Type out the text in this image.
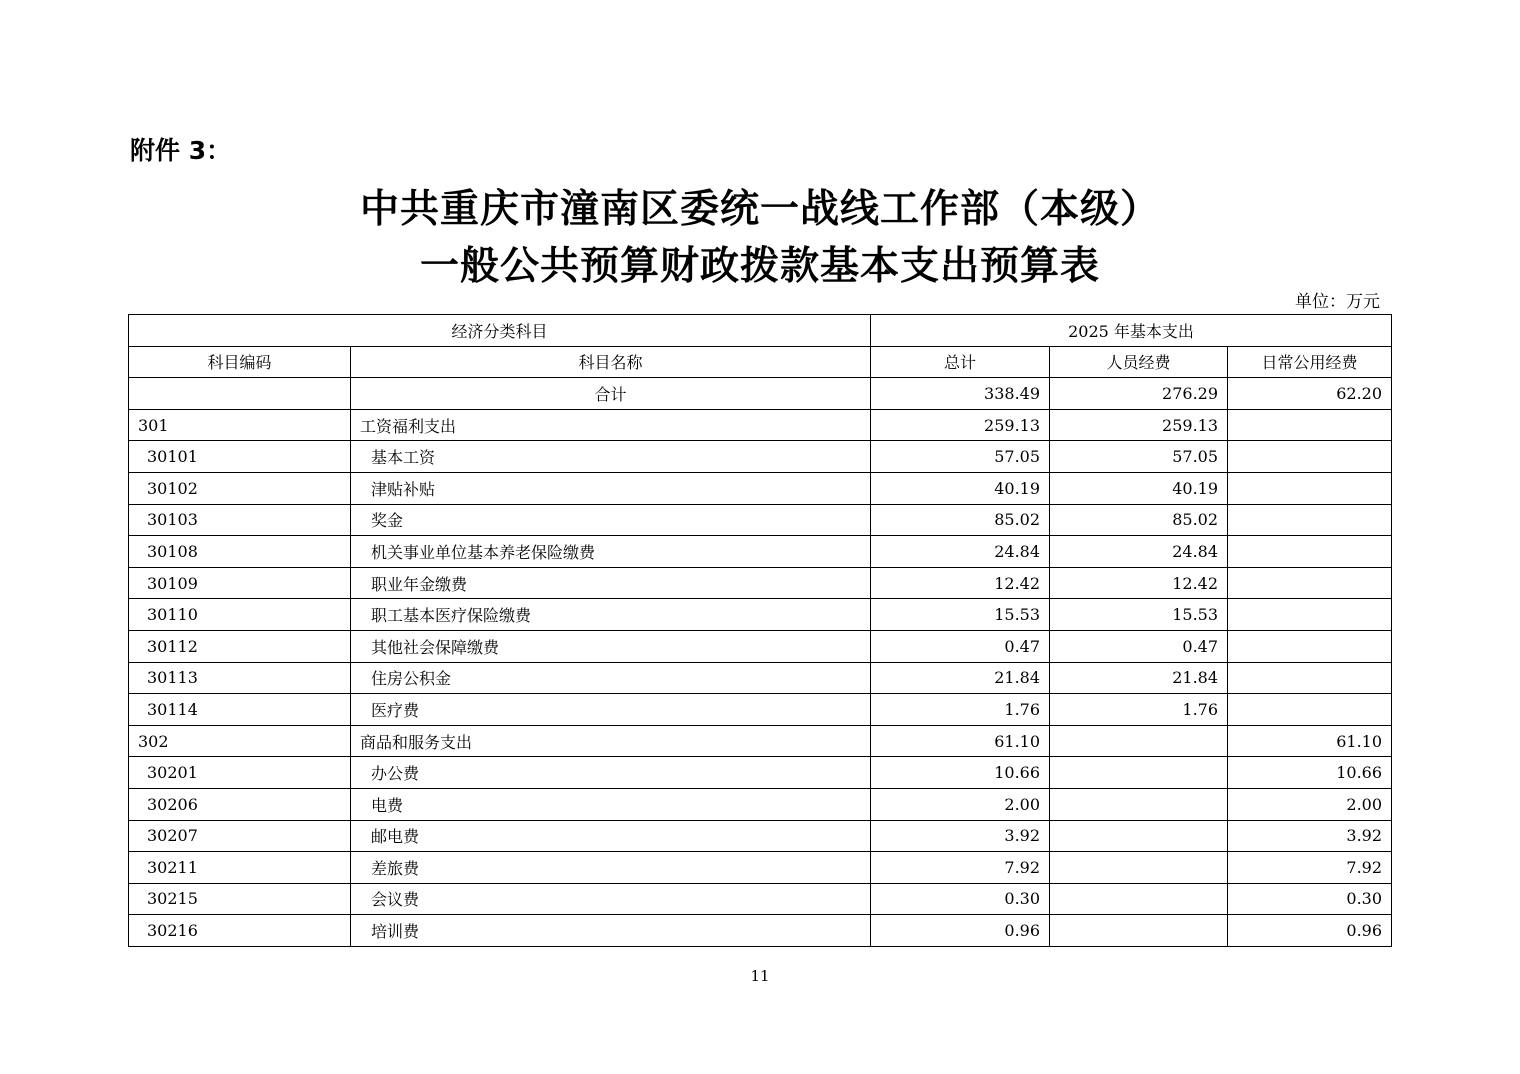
附件 3：
中共重庆市潼南区委统一战线工作部（本级）
一般公共预算财政拨款基本支出预算表
单位：万元
经济分类科目		2025 年基本支出		
科目编码	科目名称	总计	人员经费	日常公用经费
	合计	338.49	276.29	62.20
301	工资福利支出	259.13	259.13	
30101	基本工资	57.05	57.05	
30102	津贴补贴	40.19	40.19	
30103	奖金	85.02	85.02	
30108	机关事业单位基本养老保险缴费	24.84	24.84	
30109	职业年金缴费	12.42	12.42	
30110	职工基本医疗保险缴费	15.53	15.53	
30112	其他社会保障缴费	0.47	0.47	
30113	住房公积金	21.84	21.84	
30114	医疗费	1.76	1.76	
302	商品和服务支出	61.10		61.10
30201	办公费	10.66		10.66
30206	电费	2.00		2.00
30207	邮电费	3.92		3.92
30211	差旅费	7.92		7.92
30215	会议费	0.30		0.30
30216	培训费	0.96		0.96
11
